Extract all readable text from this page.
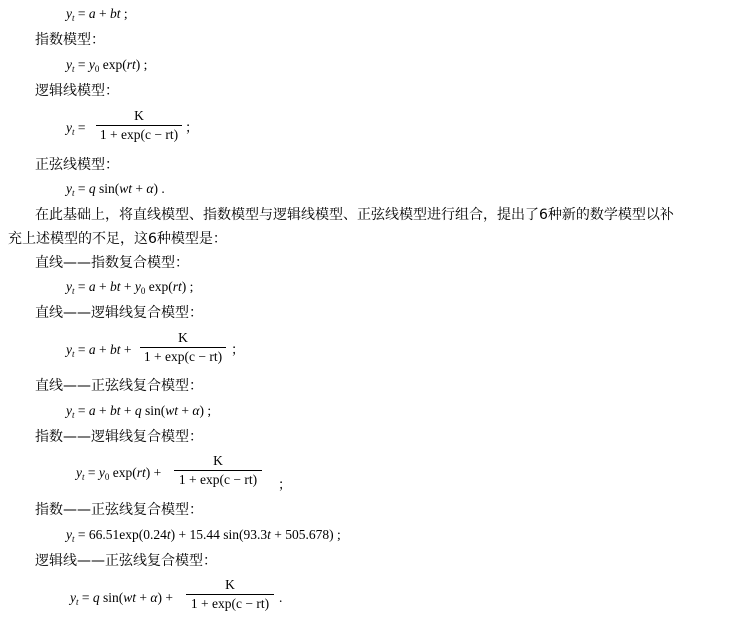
$y_t = a$ + bt ;
指数模型：
$y_t = y_0$ exp(rt) ;
逻辑线模型：
$y_t$ =
K
1 + exp(c − rt) ；
正弦线模型：
$y_t = q$ sin(wt + α) .
在此基础上，将直线模型、指数模型与逻辑线模型、正弦线模型进行组合，提出了6种新的数学模型以补
充上述模型的不足，这6种模型是：
直线——指数复合模型：
$y_t = a$ + bt + $y_0$ exp(rt) ;
直线——逻辑线复合模型：
$y_t = a$ + bt +
K
1 + exp(c − rt) ；
直线——正弦线复合模型：
$y_t = a$ + bt + q sin(wt + α) ;
指数——逻辑线复合模型：
$y_t = y_0$ exp(rt) +
K
1 + exp(c − rt)	；
指数——正弦线复合模型：
$y_t = 66.51\exp(0.24t) + 15.44$ sin(93.3t + 505.678) ;
逻辑线——正弦线复合模型：
$y_t = q$ sin(wt + α) +
K
1 + exp(c − rt) .
